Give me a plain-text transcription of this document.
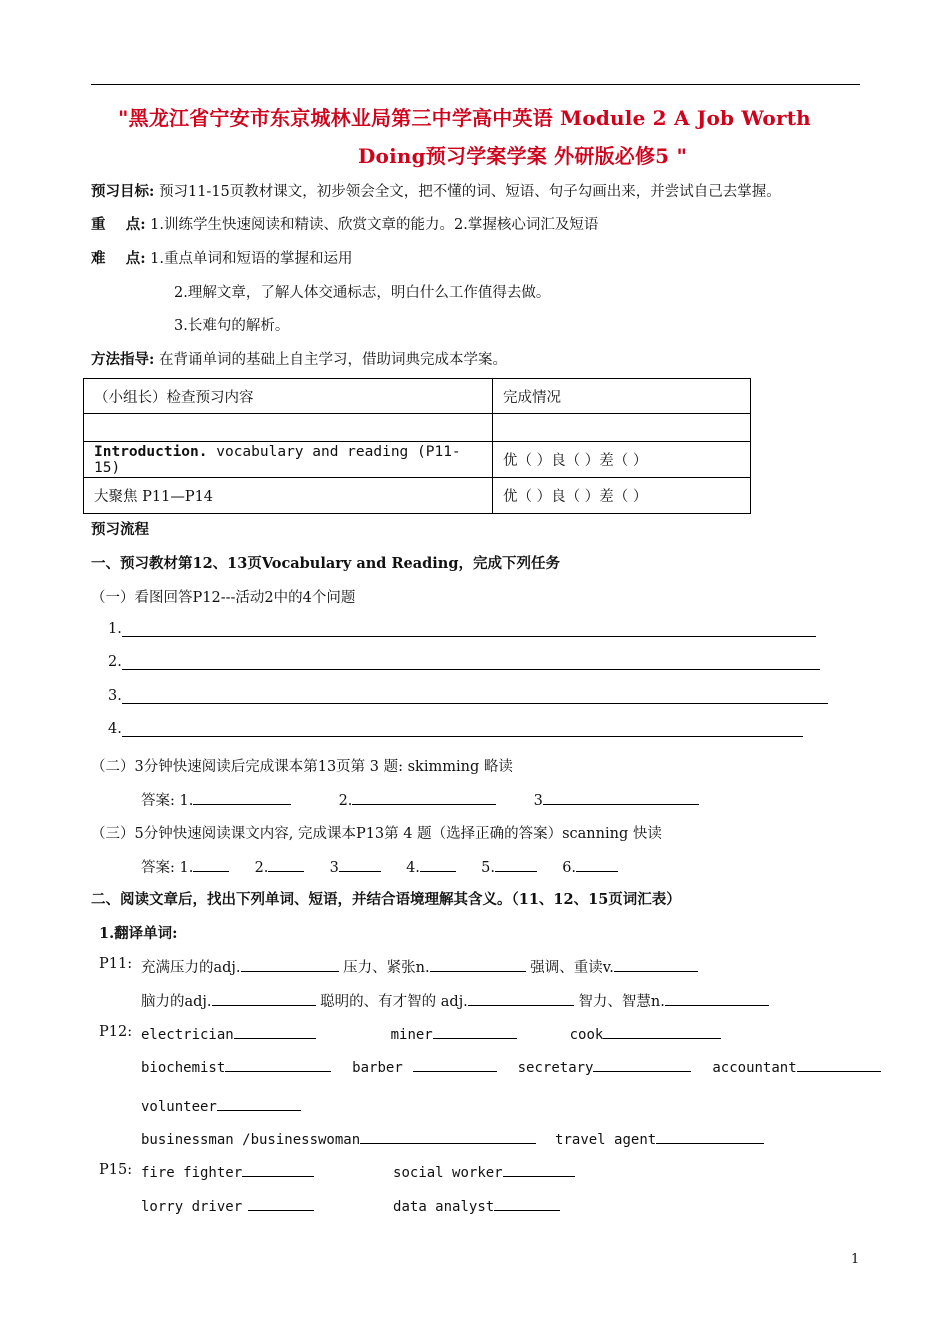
"黑龙江省宁安市东京城林业局第三中学高中英语 Module 2 A Job Worth
Doing预习学案学案 外研版必修5 "
预习目标: 预习11-15页教材课文，初步领会全文，把不懂的词、短语、句子勾画出来，并尝试自己去掌握。
重    点: 1.训练学生快速阅读和精读、欣赏文章的能力。2.掌握核心词汇及短语
难    点: 1.重点单词和短语的掌握和运用
2.理解文章，了解人体交通标志，明白什么工作值得去做。
3.长难句的解析。
方法指导: 在背诵单词的基础上自主学习，借助词典完成本学案。
（小组长）检查预习内容	完成情况

Introduction. vocabulary and reading (P11-15)	优（ ）良（ ）差（ ）
大聚焦 P11—P14	优（ ）良（ ）差（ ）
预习流程
一、预习教材第12、13页Vocabulary and Reading，完成下列任务
（一）看图回答P12---活动2中的4个问题
1.
2.
3.
4.
（二）3分钟快速阅读后完成课本第13页第 3 题: skimming 略读
答案: 1.	2.	3
（三）5分钟快速阅读课文内容, 完成课本P13第 4 题（选择正确的答案）scanning 快读
答案: 1.	2.	3	4.	5.	6.
二、阅读文章后，找出下列单词、短语，并结合语境理解其含义。（11、12、15页词汇表）
1.翻译单词:
P11: 充满压力的adj.	压力、紧张n.	强调、重读v.
脑力的adj.	聪明的、有才智的 adj.	智力、智慧n.
P12: electrician	miner	cook
biochemist	barber	secretary	accountant
volunteer
businessman /businesswoman	travel agent
P15: fire fighter	social worker
lorry driver	data analyst
1
